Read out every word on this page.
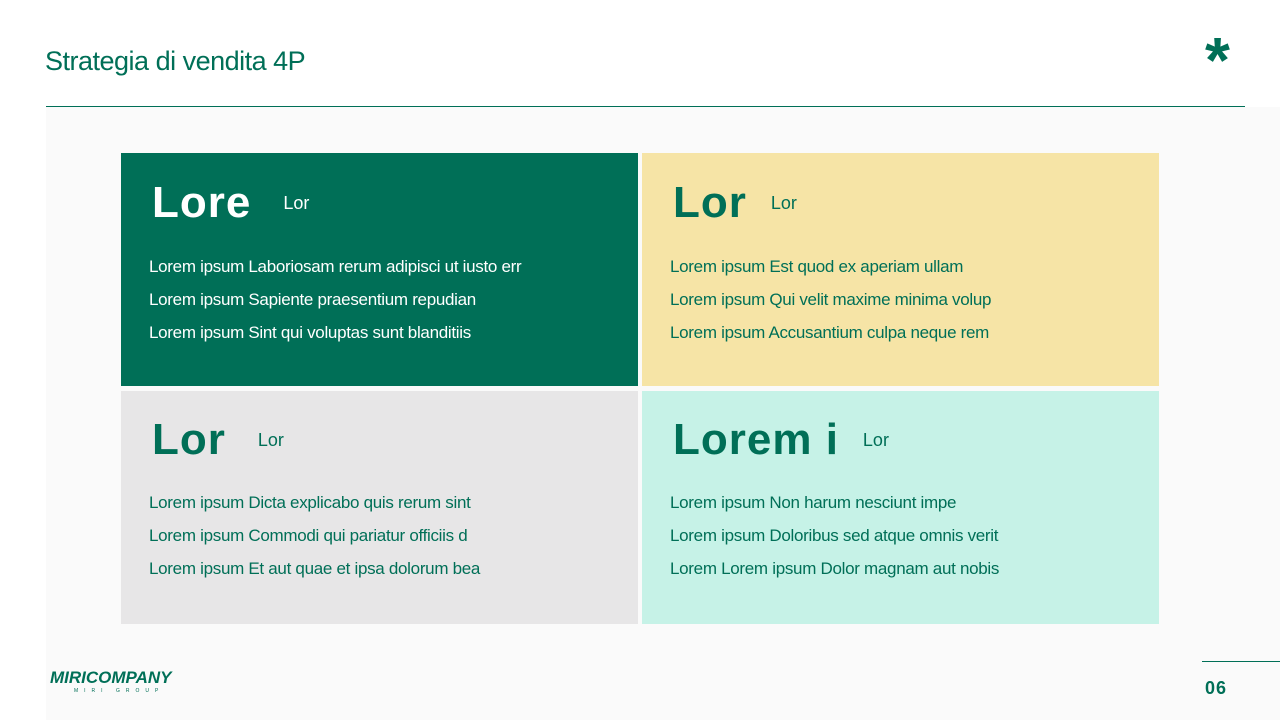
Strategia di vendita 4P	*
Lore Lor
Lorem ipsum Laboriosam rerum adipisci ut iusto err
Lorem ipsum Sapiente praesentium repudian
Lorem ipsum Sint qui voluptas sunt blanditiis
Lor Lor
Lorem ipsum Est quod ex aperiam ullam
Lorem ipsum Qui velit maxime minima volup
Lorem ipsum Accusantium culpa neque rem
Lor Lor
Lorem ipsum Dicta explicabo quis rerum sint
Lorem ipsum Commodi qui pariatur officiis d
Lorem ipsum Et aut quae et ipsa dolorum bea
Lorem i Lor
Lorem ipsum Non harum nesciunt impe
Lorem ipsum Doloribus sed atque omnis verit
Lorem Lorem ipsum Dolor magnam aut nobis
MIRICOMPANY
MIRI GROUP	06
